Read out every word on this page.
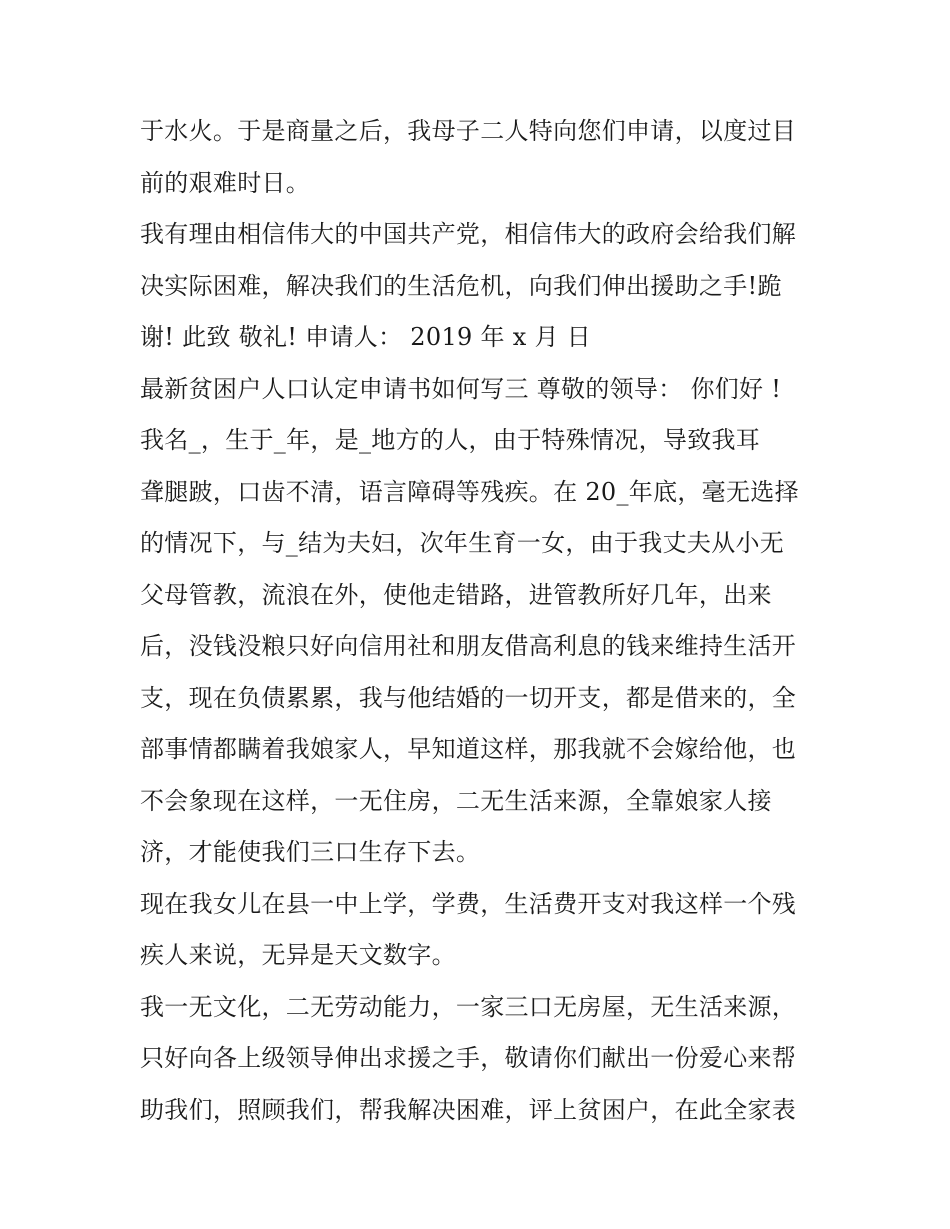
于水火。于是商量之后，我母子二人特向您们申请，以度过目
前的艰难时日。
我有理由相信伟大的中国共产党，相信伟大的政府会给我们解
决实际困难，解决我们的生活危机，向我们伸出援助之手!跪
谢! 此致 敬礼! 申请人： 2019 年 x 月 日
最新贫困户人口认定申请书如何写三 尊敬的领导： 你们好 !
我名_，生于_年，是_地方的人，由于特殊情况，导致我耳
聋腿跛，口齿不清，语言障碍等残疾。在 20_年底，毫无选择
的情况下，与_结为夫妇，次年生育一女，由于我丈夫从小无
父母管教，流浪在外，使他走错路，进管教所好几年，出来
后，没钱没粮只好向信用社和朋友借高利息的钱来维持生活开
支，现在负债累累，我与他结婚的一切开支，都是借来的，全
部事情都瞒着我娘家人，早知道这样，那我就不会嫁给他，也
不会象现在这样，一无住房，二无生活来源，全靠娘家人接
济，才能使我们三口生存下去。
现在我女儿在县一中上学，学费，生活费开支对我这样一个残
疾人来说，无异是天文数字。
我一无文化，二无劳动能力，一家三口无房屋，无生活来源，
只好向各上级领导伸出求援之手，敬请你们献出一份爱心来帮
助我们，照顾我们，帮我解决困难，评上贫困户，在此全家表
